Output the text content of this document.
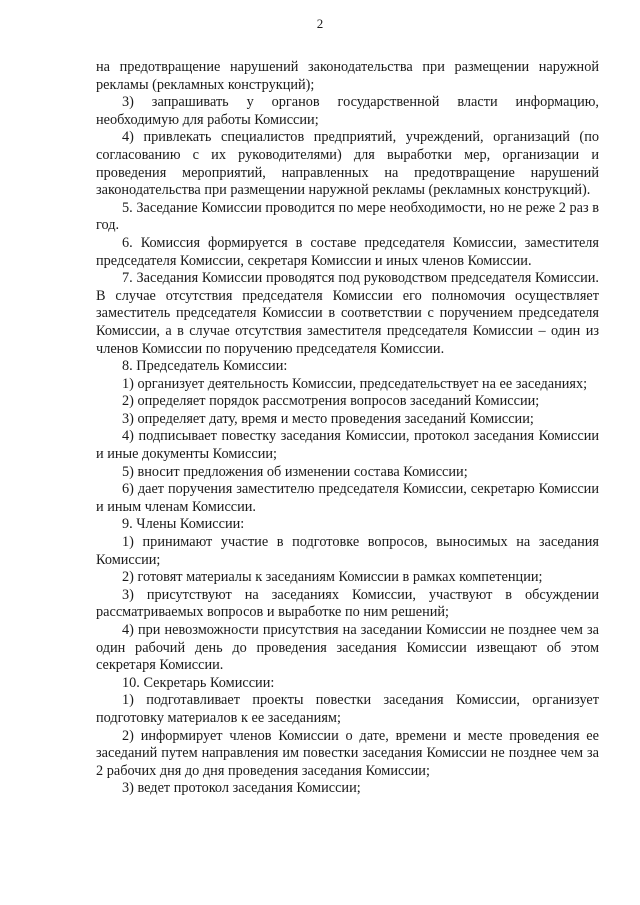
2

на предотвращение нарушений законодательства при размещении наружной рекламы (рекламных конструкций);

3) запрашивать у органов государственной власти информацию, необходимую для работы Комиссии;

4) привлекать специалистов предприятий, учреждений, организаций (по согласованию с их руководителями) для выработки мер, организации и проведения мероприятий, направленных на предотвращение нарушений законодательства при размещении наружной рекламы (рекламных конструкций).

5. Заседание Комиссии проводится по мере необходимости, но не реже 2 раз в год.

6. Комиссия формируется в составе председателя Комиссии, заместителя председателя Комиссии, секретаря Комиссии и иных членов Комиссии.

7. Заседания Комиссии проводятся под руководством председателя Комиссии. В случае отсутствия председателя Комиссии его полномочия осуществляет заместитель председателя Комиссии в соответствии с поручением председателя Комиссии, а в случае отсутствия заместителя председателя Комиссии – один из членов Комиссии по поручению председателя Комиссии.

8. Председатель Комиссии:

1) организует деятельность Комиссии, председательствует на ее заседаниях;

2) определяет порядок рассмотрения вопросов заседаний Комиссии;

3) определяет дату, время и место проведения заседаний Комиссии;

4) подписывает повестку заседания Комиссии, протокол заседания Комиссии и иные документы Комиссии;

5) вносит предложения об изменении состава Комиссии;

6) дает поручения заместителю председателя Комиссии, секретарю Комиссии и иным членам Комиссии.

9. Члены Комиссии:

1) принимают участие в подготовке вопросов, выносимых на заседания Комиссии;

2) готовят материалы к заседаниям Комиссии в рамках компетенции;

3) присутствуют на заседаниях Комиссии, участвуют в обсуждении рассматриваемых вопросов и выработке по ним решений;

4) при невозможности присутствия на заседании Комиссии не позднее чем за один рабочий день до проведения заседания Комиссии извещают об этом секретаря Комиссии.

10. Секретарь Комиссии:

1) подготавливает проекты повестки заседания Комиссии, организует подготовку материалов к ее заседаниям;

2) информирует членов Комиссии о дате, времени и месте проведения ее заседаний путем направления им повестки заседания Комиссии не позднее чем за 2 рабочих дня до дня проведения заседания Комиссии;

3) ведет протокол заседания Комиссии;
